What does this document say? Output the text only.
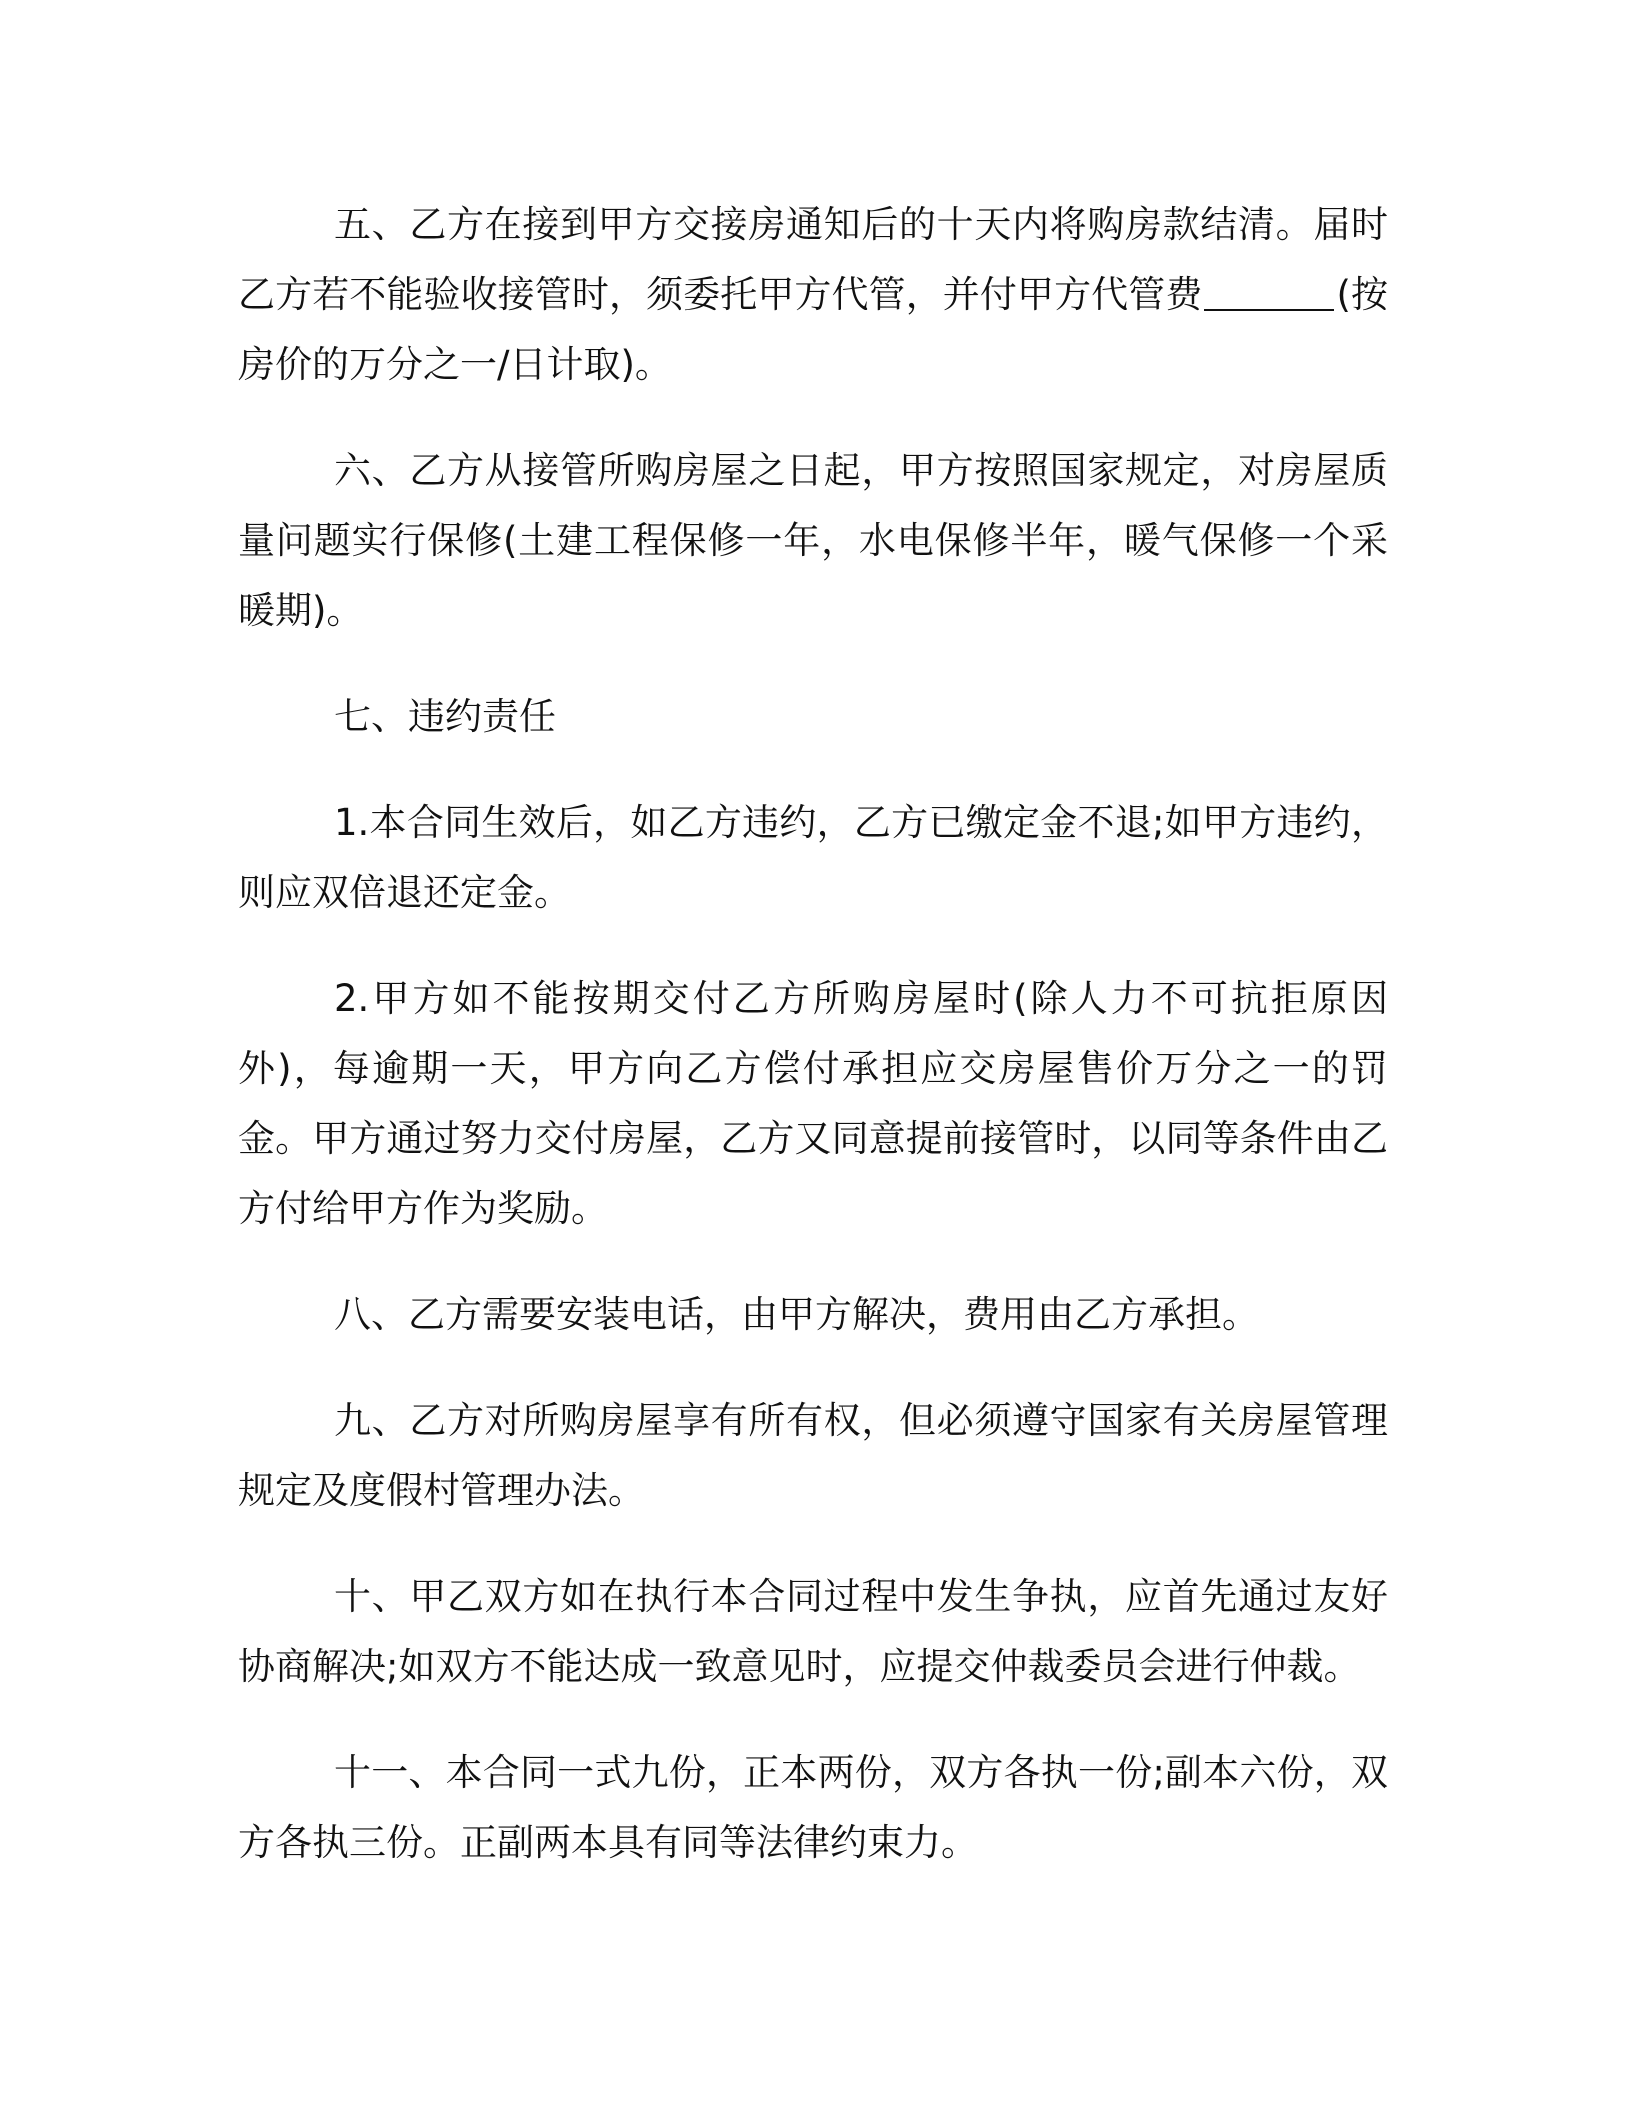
五、乙方在接到甲方交接房通知后的十天内将购房款结清。届时乙方若不能验收接管时，须委托甲方代管，并付甲方代管费	(按房价的万分之一/日计取)。

六、乙方从接管所购房屋之日起，甲方按照国家规定，对房屋质量问题实行保修(土建工程保修一年，水电保修半年，暖气保修一个采暖期)。

七、违约责任

1.本合同生效后，如乙方违约，乙方已缴定金不退;如甲方违约，则应双倍退还定金。

2.甲方如不能按期交付乙方所购房屋时(除人力不可抗拒原因外)，每逾期一天，甲方向乙方偿付承担应交房屋售价万分之一的罚金。甲方通过努力交付房屋，乙方又同意提前接管时，以同等条件由乙方付给甲方作为奖励。

八、乙方需要安装电话，由甲方解决，费用由乙方承担。

九、乙方对所购房屋享有所有权，但必须遵守国家有关房屋管理规定及度假村管理办法。

十、甲乙双方如在执行本合同过程中发生争执，应首先通过友好协商解决;如双方不能达成一致意见时，应提交仲裁委员会进行仲裁。

十一、本合同一式九份，正本两份，双方各执一份;副本六份，双方各执三份。正副两本具有同等法律约束力。
